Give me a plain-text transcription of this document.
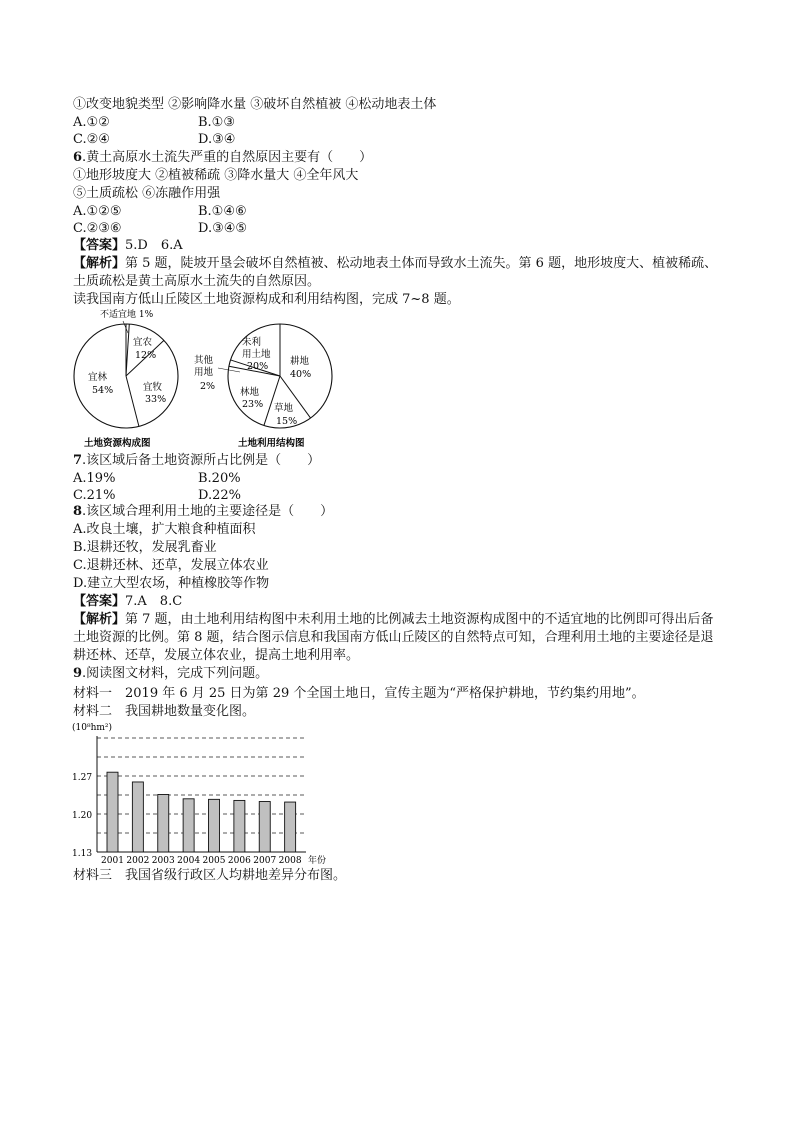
①改变地貌类型 ②影响降水量 ③破坏自然植被 ④松动地表土体
A.①②	B.①③
C.②④	D.③④
6.黄土高原水土流失严重的自然原因主要有（　　）
①地形坡度大 ②植被稀疏 ③降水量大 ④全年风大
⑤土质疏松 ⑥冻融作用强
A.①②⑤	B.①④⑥
C.②③⑥	D.③④⑤
【答案】5.D　6.A
【解析】第 5 题，陡坡开垦会破坏自然植被、松动地表土体而导致水土流失。第 6 题，地形坡度大、植被稀疏、土质疏松是黄土高原水土流失的自然原因。
读我国南方低山丘陵区土地资源构成和利用结构图，完成 7~8 题。
不适宜地 1%
宜农
12%
宜牧
33%
宜林
54%
未利
用土地
20% 耕地
40%
林地
23% 草地
15%
其他
用地
2%
土地资源构成图	土地利用结构图
7.该区域后备土地资源所占比例是（　　）
A.19%	B.20%
C.21%	D.22%
8.该区域合理利用土地的主要途径是（　　）
A.改良土壤，扩大粮食种植面积
B.退耕还牧，发展乳畜业
C.退耕还林、还草，发展立体农业
D.建立大型农场，种植橡胶等作物
【答案】7.A　8.C
【解析】第 7 题，由土地利用结构图中未利用土地的比例减去土地资源构成图中的不适宜地的比例即可得出后备土地资源的比例。第 8 题，结合图示信息和我国南方低山丘陵区的自然特点可知，合理利用土地的主要途径是退耕还林、还草，发展立体农业，提高土地利用率。
9.阅读图文材料，完成下列问题。
材料一　2019 年 6 月 25 日为第 29 个全国土地日，宣传主题为“严格保护耕地，节约集约用地”。
材料二　我国耕地数量变化图。
(10⁸hm²)
1.27
1.20
1.13
2001 2002 2003 2004 2005 2006 2007 2008 年份
材料三　我国省级行政区人均耕地差异分布图。
